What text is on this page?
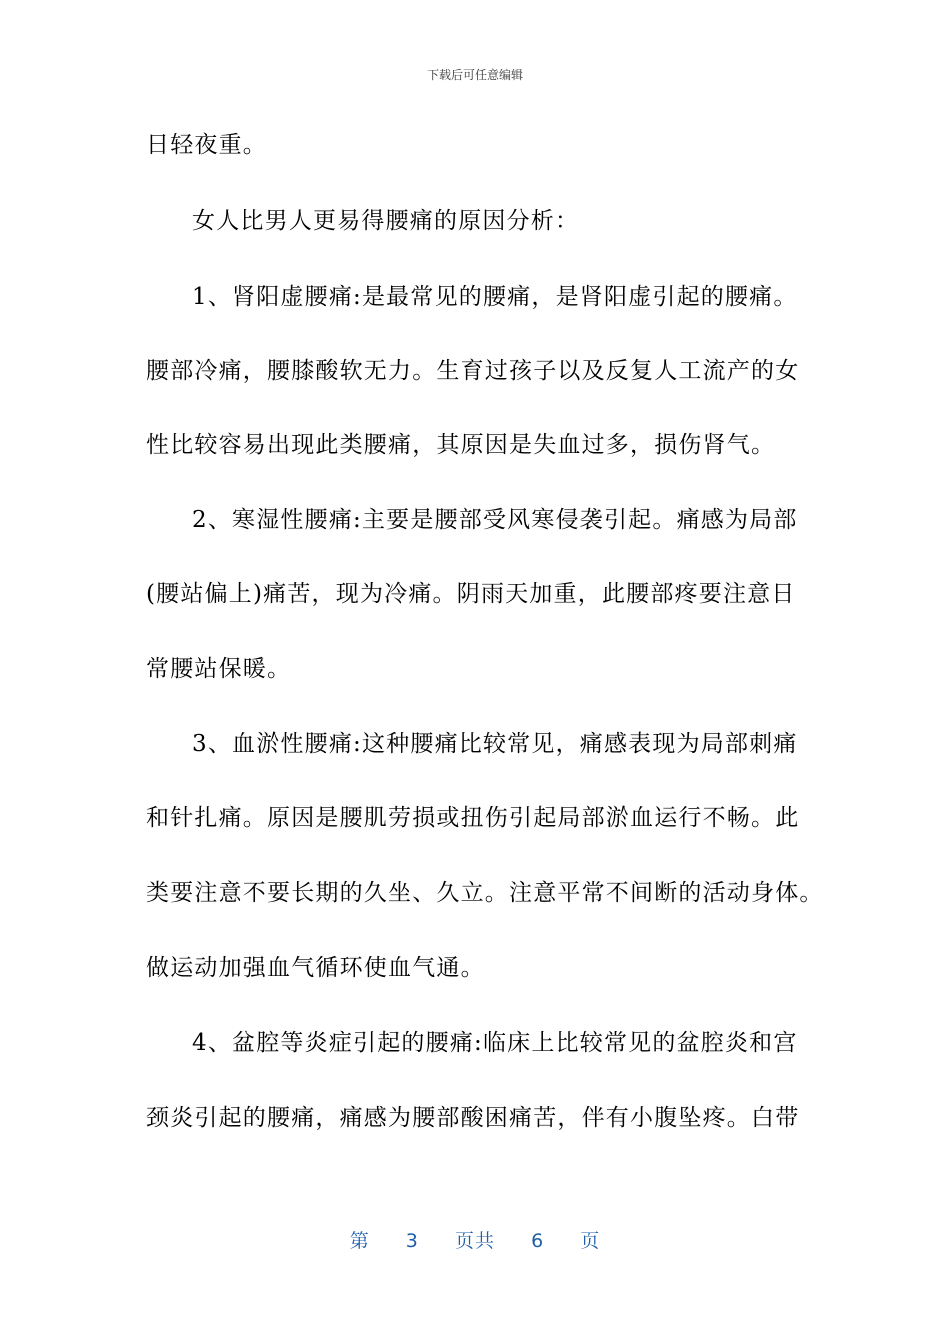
下载后可任意编辑
日轻夜重。
女人比男人更易得腰痛的原因分析：
1、肾阳虚腰痛:是最常见的腰痛，是肾阳虚引起的腰痛。
腰部冷痛，腰膝酸软无力。生育过孩子以及反复人工流产的女
性比较容易出现此类腰痛，其原因是失血过多，损伤肾气。
2、寒湿性腰痛:主要是腰部受风寒侵袭引起。痛感为局部
(腰站偏上)痛苦，现为冷痛。阴雨天加重，此腰部疼要注意日
常腰站保暖。
3、血淤性腰痛:这种腰痛比较常见，痛感表现为局部刺痛
和针扎痛。原因是腰肌劳损或扭伤引起局部淤血运行不畅。此
类要注意不要长期的久坐、久立。注意平常不间断的活动身体。
做运动加强血气循环使血气通。
4、盆腔等炎症引起的腰痛:临床上比较常见的盆腔炎和宫
颈炎引起的腰痛，痛感为腰部酸困痛苦，伴有小腹坠疼。白带
第 3 页共 6 页
